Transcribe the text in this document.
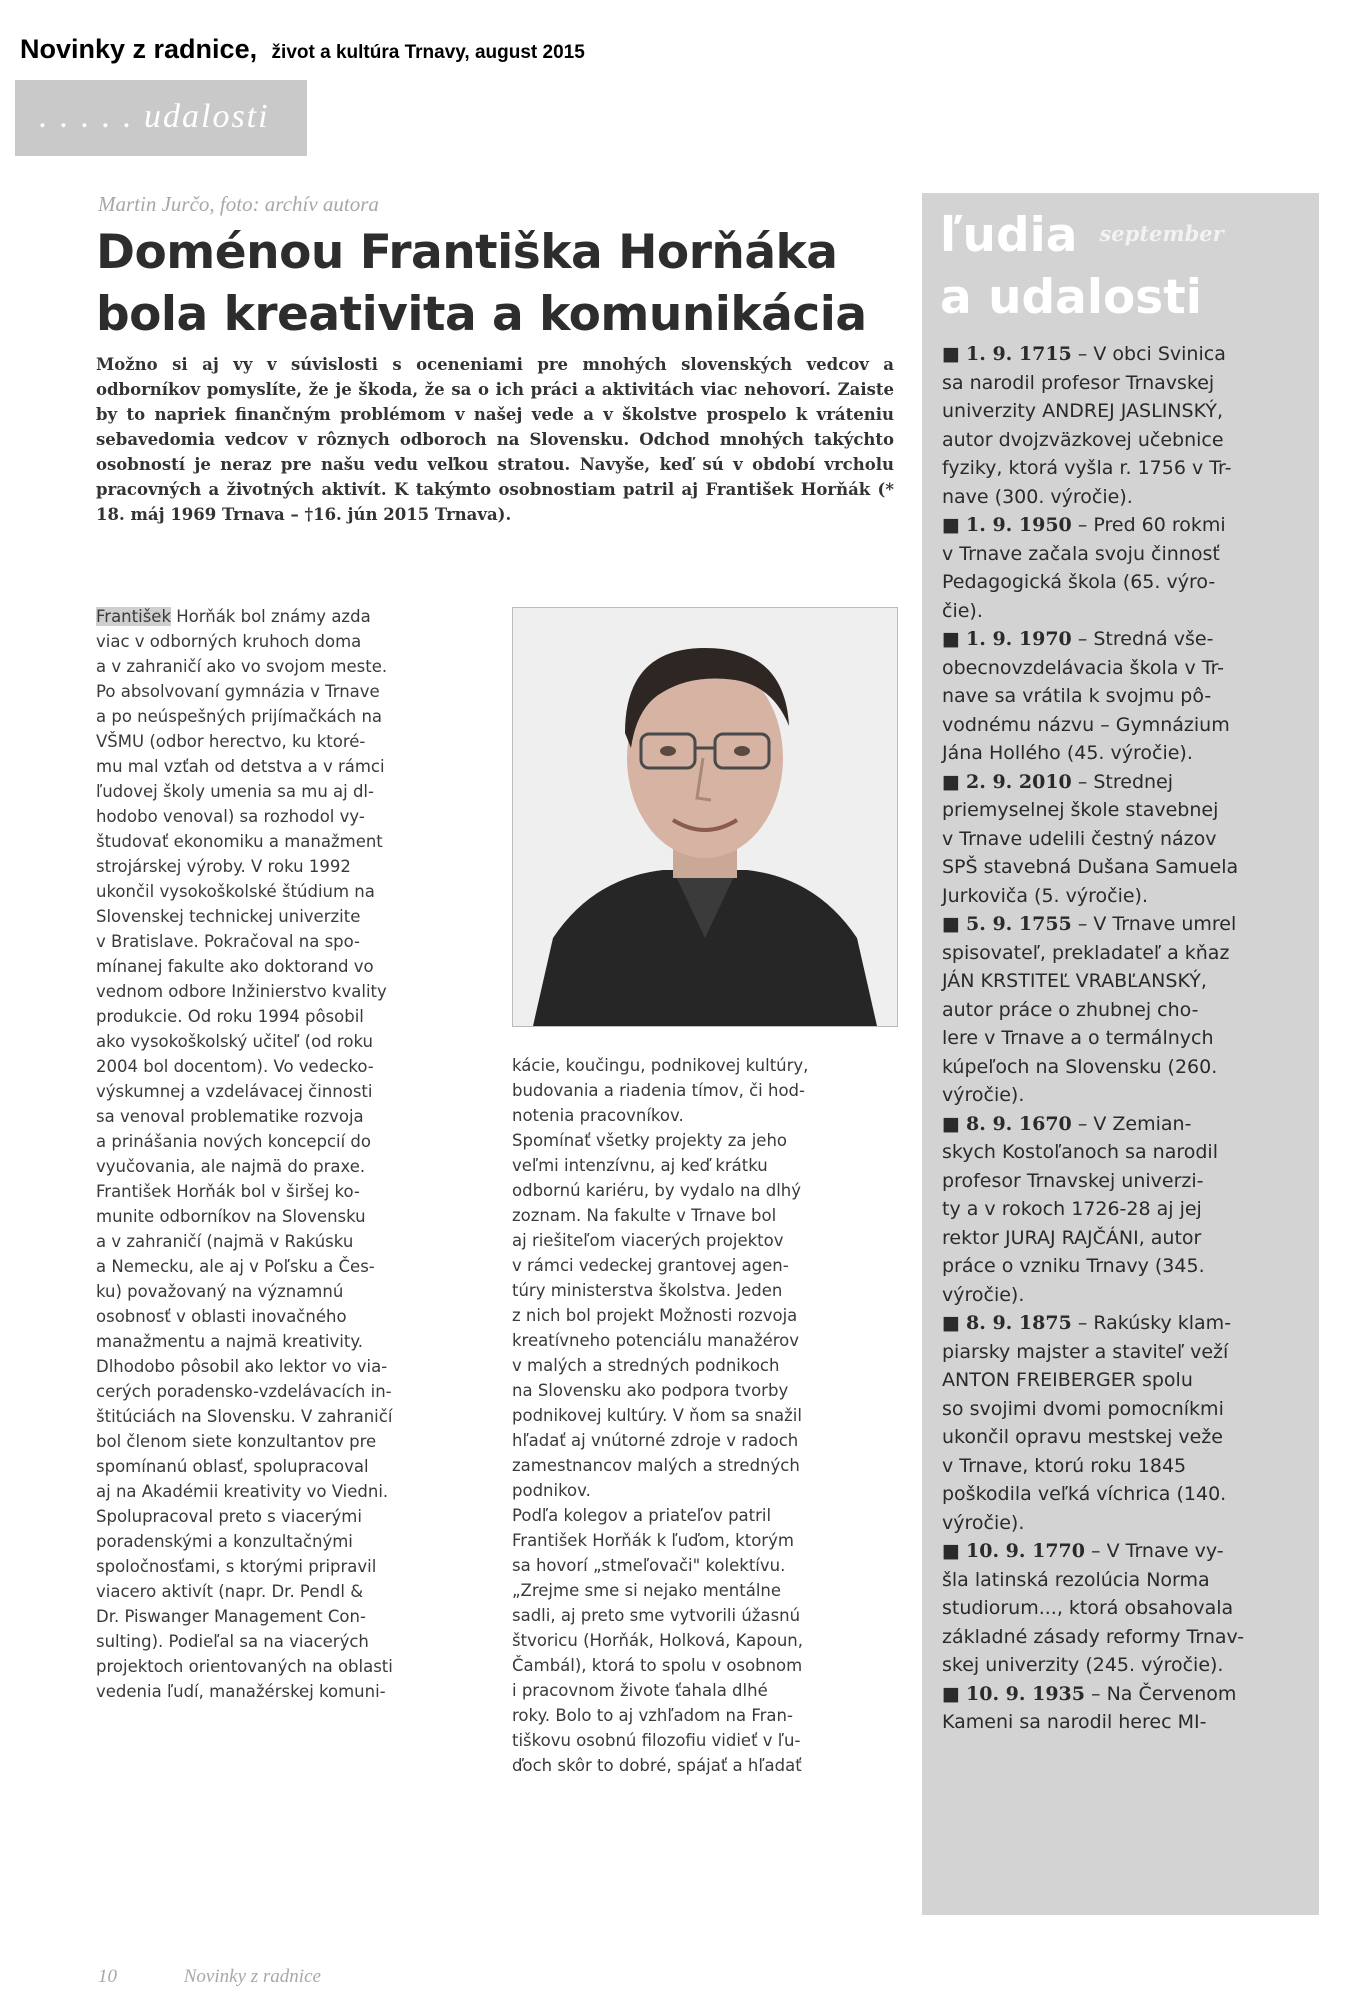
Novinky z radnice, život a kultúra Trnavy, august 2015
. . . . . udalosti
Martin Jurčo, foto: archív autora
Doménou Františka Horňáka
bola kreativita a komunikácia

Možno si aj vy v súvislosti s oceneniami pre mnohých slovenských vedcov a odborníkov pomyslíte, že je škoda, že sa o ich práci a aktivitách viac nehovorí. Zaiste by to napriek finančným problémom v našej vede a v školstve prospelo k vráteniu sebavedomia vedcov v rôznych odboroch na Slovensku. Odchod mnohých takýchto osobností je neraz pre našu vedu veľkou stratou. Navyše, keď sú v období vrcholu pracovných a životných aktivít. K takýmto osobnostiam patril aj František Horňák (* 18. máj 1969 Trnava – †16. jún 2015 Trnava).

František Horňák bol známy azda
viac v odborných kruhoch doma
a v zahraničí ako vo svojom meste.
Po absolvovaní gymnázia v Trnave
a po neúspešných prijímačkách na
VŠMU (odbor herectvo, ku ktoré-
mu mal vzťah od detstva a v rámci
ľudovej školy umenia sa mu aj dl-
hodobo venoval) sa rozhodol vy-
študovať ekonomiku a manažment
strojárskej výroby. V roku 1992
ukončil vysokoškolské štúdium na
Slovenskej technickej univerzite
v Bratislave. Pokračoval na spo-
mínanej fakulte ako doktorand vo
vednom odbore Inžinierstvo kvality
produkcie. Od roku 1994 pôsobil
ako vysokoškolský učiteľ (od roku
2004 bol docentom). Vo vedecko-
výskumnej a vzdelávacej činnosti
sa venoval problematike rozvoja
a prinášania nových koncepcií do
vyučovania, ale najmä do praxe.
František Horňák bol v širšej ko-
munite odborníkov na Slovensku
a v zahraničí (najmä v Rakúsku
a Nemecku, ale aj v Poľsku a Čes-
ku) považovaný na významnú
osobnosť v oblasti inovačného
manažmentu a najmä kreativity.
Dlhodobo pôsobil ako lektor vo via-
cerých poradensko-vzdelávacích in-
štitúciách na Slovensku. V zahraničí
bol členom siete konzultantov pre
spomínanú oblasť, spolupracoval
aj na Akadémii kreativity vo Viedni.
Spolupracoval preto s viacerými
poradenskými a konzultačnými
spoločnosťami, s ktorými pripravil
viacero aktivít (napr. Dr. Pendl &
Dr. Piswanger Management Con-
sulting). Podieľal sa na viacerých
projektoch orientovaných na oblasti
vedenia ľudí, manažérskej komuni-

kácie, koučingu, podnikovej kultúry,
budovania a riadenia tímov, či hod-
notenia pracovníkov.
Spomínať všetky projekty za jeho
veľmi intenzívnu, aj keď krátku
odbornú kariéru, by vydalo na dlhý
zoznam. Na fakulte v Trnave bol
aj riešiteľom viacerých projektov
v rámci vedeckej grantovej agen-
túry ministerstva školstva. Jeden
z nich bol projekt Možnosti rozvoja
kreatívneho potenciálu manažérov
v malých a stredných podnikoch
na Slovensku ako podpora tvorby
podnikovej kultúry. V ňom sa snažil
hľadať aj vnútorné zdroje v radoch
zamestnancov malých a stredných
podnikov.
Podľa kolegov a priateľov patril
František Horňák k ľuďom, ktorým
sa hovorí „stmeľovači" kolektívu.
„Zrejme sme si nejako mentálne
sadli, aj preto sme vytvorili úžasnú
štvoricu (Horňák, Holková, Kapoun,
Čambál), ktorá to spolu v osobnom
i pracovnom živote ťahala dlhé
roky. Bolo to aj vzhľadom na Fran-
tiškovu osobnú filozofiu vidieť v ľu-
ďoch skôr to dobré, spájať a hľadať

ľudia $^{september}$
a udalosti

■ 1. 9. 1715 – V obci Svinica
sa narodil profesor Trnavskej
univerzity ANDREJ JASLINSKÝ,
autor dvojzväzkovej učebnice
fyziky, ktorá vyšla r. 1756 v Tr-
nave (300. výročie).
■ 1. 9. 1950 – Pred 60 rokmi
v Trnave začala svoju činnosť
Pedagogická škola (65. výro-
čie).
■ 1. 9. 1970 – Stredná vše-
obecnovzdelávacia škola v Tr-
nave sa vrátila k svojmu pô-
vodnému názvu – Gymnázium
Jána Hollého (45. výročie).
■ 2. 9. 2010 – Strednej
priemyselnej škole stavebnej
v Trnave udelili čestný názov
SPŠ stavebná Dušana Samuela
Jurkoviča (5. výročie).
■ 5. 9. 1755 – V Trnave umrel
spisovateľ, prekladateľ a kňaz
JÁN KRSTITEĽ VRABĽANSKÝ,
autor práce o zhubnej cho-
lere v Trnave a o termálnych
kúpeľoch na Slovensku (260.
výročie).
■ 8. 9. 1670 – V Zemian-
skych Kostoľanoch sa narodil
profesor Trnavskej univerzi-
ty a v rokoch 1726-28 aj jej
rektor JURAJ RAJČÁNI, autor
práce o vzniku Trnavy (345.
výročie).
■ 8. 9. 1875 – Rakúsky klam-
piarsky majster a staviteľ veží
ANTON FREIBERGER spolu
so svojimi dvomi pomocníkmi
ukončil opravu mestskej veže
v Trnave, ktorú roku 1845
poškodila veľká víchrica (140.
výročie).
■ 10. 9. 1770 – V Trnave vy-
šla latinská rezolúcia Norma
studiorum..., ktorá obsahovala
základné zásady reformy Trnav-
skej univerzity (245. výročie).
■ 10. 9. 1935 – Na Červenom
Kameni sa narodil herec MI-

10	Novinky z radnice
